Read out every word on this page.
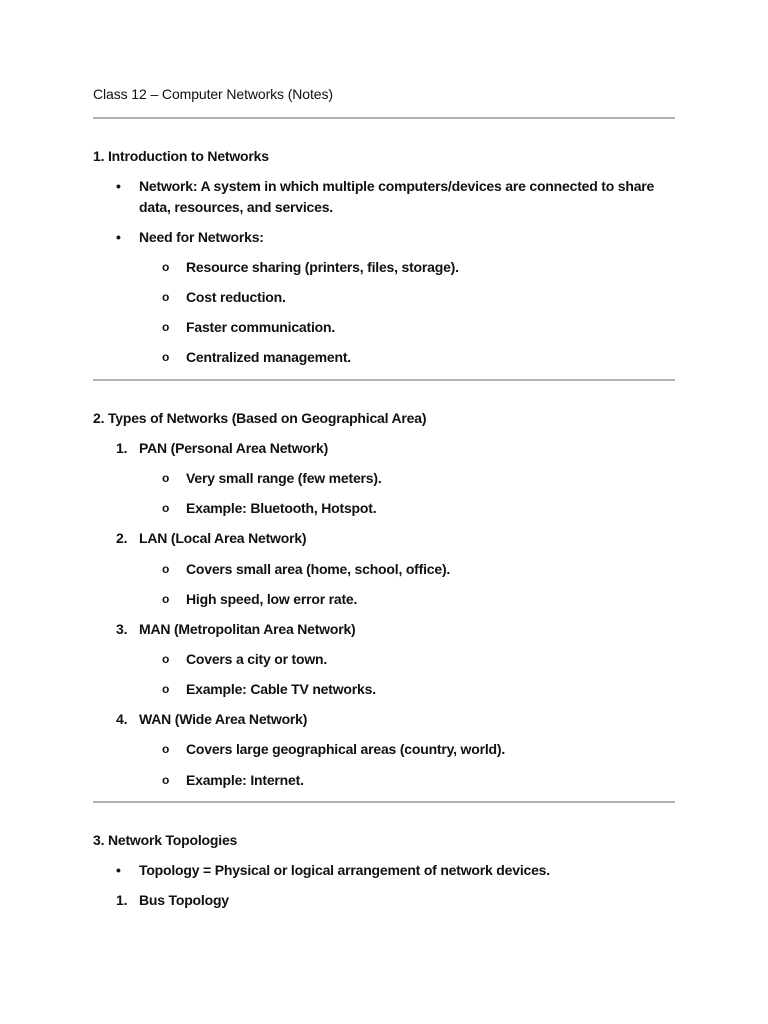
Class 12 – Computer Networks (Notes)
1. Introduction to Networks
• Network: A system in which multiple computers/devices are connected to share data, resources, and services.
• Need for Networks:
o Resource sharing (printers, files, storage).
o Cost reduction.
o Faster communication.
o Centralized management.
2. Types of Networks (Based on Geographical Area)
1. PAN (Personal Area Network)
o Very small range (few meters).
o Example: Bluetooth, Hotspot.
2. LAN (Local Area Network)
o Covers small area (home, school, office).
o High speed, low error rate.
3. MAN (Metropolitan Area Network)
o Covers a city or town.
o Example: Cable TV networks.
4. WAN (Wide Area Network)
o Covers large geographical areas (country, world).
o Example: Internet.
3. Network Topologies
• Topology = Physical or logical arrangement of network devices.
1. Bus Topology
